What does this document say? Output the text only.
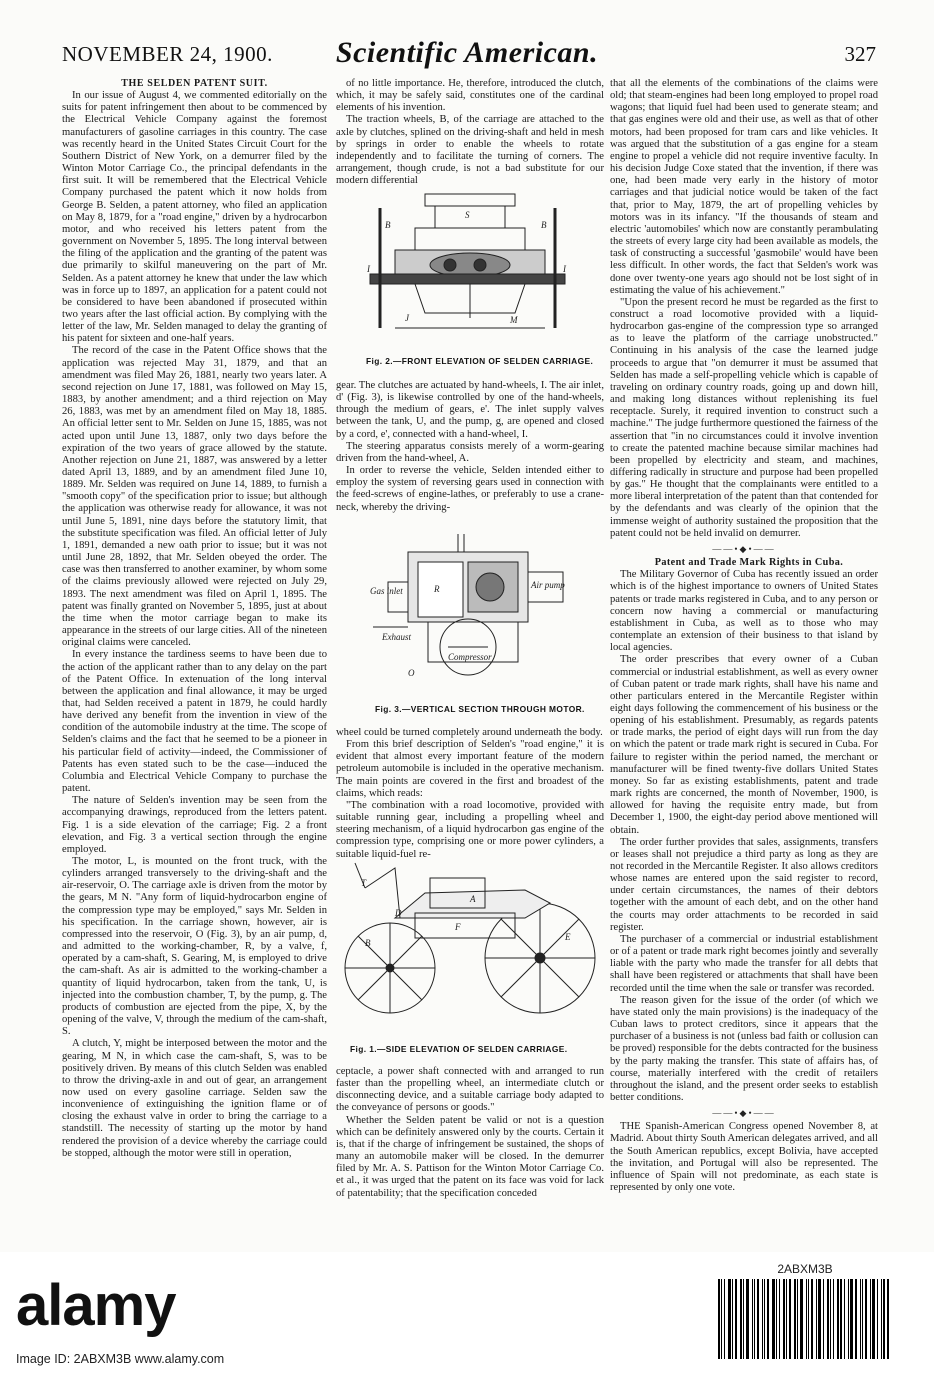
NOVEMBER 24, 1900.	Scientific American.	327

THE SELDEN PATENT SUIT.

In our issue of August 4, we commented editorially on the suits for patent infringement then about to be commenced by the Electrical Vehicle Company against the foremost manufacturers of gasoline carriages in this country. The case was recently heard in the United States Circuit Court for the Southern District of New York, on a demurrer filed by the Winton Motor Carriage Co., the principal defendants in the first suit. It will be remembered that the Electrical Vehicle Company purchased the patent which it now holds from George B. Selden, a patent attorney, who filed an application on May 8, 1879, for a "road engine," driven by a hydrocarbon motor, and who received his letters patent from the government on November 5, 1895. The long interval between the filing of the application and the granting of the patent was due primarily to skilful maneuvering on the part of Mr. Selden. As a patent attorney he knew that under the law which was in force up to 1897, an application for a patent could not be considered to have been abandoned if prosecuted within two years after the last official action. By complying with the letter of the law, Mr. Selden managed to delay the granting of his patent for sixteen and one-half years.

The record of the case in the Patent Office shows that the application was rejected May 31, 1879, and that an amendment was filed May 26, 1881, nearly two years later. A second rejection on June 17, 1881, was followed on May 15, 1883, by another amendment; and a third rejection on May 26, 1883, was met by an amendment filed on May 18, 1885. An official letter sent to Mr. Selden on June 15, 1885, was not acted upon until June 13, 1887, only two days before the expiration of the two years of grace allowed by the statute. Another rejection on June 21, 1887, was answered by a letter dated April 13, 1889, and by an amendment filed June 10, 1889. Mr. Selden was required on June 14, 1889, to furnish a "smooth copy" of the specification prior to issue; but although the application was otherwise ready for allowance, it was not until June 5, 1891, nine days before the statutory limit, that the substitute specification was filed. An official letter of July 1, 1891, demanded a new oath prior to issue; but it was not until June 28, 1892, that Mr. Selden obeyed the order. The case was then transferred to another examiner, by whom some of the claims previously allowed were rejected on July 29, 1893. The next amendment was filed on April 1, 1895. The patent was finally granted on November 5, 1895, just at about the time when the motor carriage began to make its appearance in the streets of our large cities. All of the nineteen original claims were canceled.

In every instance the tardiness seems to have been due to the action of the applicant rather than to any delay on the part of the Patent Office. In extenuation of the long interval between the application and final allowance, it may be urged that, had Selden received a patent in 1879, he could hardly have derived any benefit from the invention in view of the condition of the automobile industry at the time. The scope of Selden's claims and the fact that he seemed to be a pioneer in his particular field of activity—indeed, the Commissioner of Patents has even stated such to be the case—induced the Columbia and Electrical Vehicle Company to purchase the patent.

The nature of Selden's invention may be seen from the accompanying drawings, reproduced from the letters patent. Fig. 1 is a side elevation of the carriage; Fig. 2 a front elevation, and Fig. 3 a vertical section through the engine employed.

The motor, L, is mounted on the front truck, with the cylinders arranged transversely to the driving-shaft and the air-reservoir, O. The carriage axle is driven from the motor by the gears, M N. "Any form of liquid-hydrocarbon engine of the compression type may be employed," says Mr. Selden in his specification. In the carriage shown, however, air is compressed into the reservoir, O (Fig. 3), by an air pump, d, and admitted to the working-chamber, R, by a valve, f, operated by a cam-shaft, S. Gearing, M, is employed to drive the cam-shaft. As air is admitted to the working-chamber a quantity of liquid hydrocarbon, taken from the tank, U, is injected into the combustion chamber, T, by the pump, g. The products of combustion are ejected from the pipe, X, by the opening of the valve, V, through the medium of the cam-shaft, S.

A clutch, Y, might be interposed between the motor and the gearing, M N, in which case the cam-shaft, S, was to be positively driven. By means of this clutch Selden was enabled to throw the driving-axle in and out of gear, an arrangement now used on every gasoline carriage. Selden saw the inconvenience of extinguishing the ignition flame or of closing the exhaust valve in order to bring the carriage to a standstill. The necessity of starting up the motor by hand rendered the provision of a device whereby the carriage could be stopped, although the motor were still in operation,

of no little importance. He, therefore, introduced the clutch, which, it may be safely said, constitutes one of the cardinal elements of his invention.

The traction wheels, B, of the carriage are attached to the axle by clutches, splined on the driving-shaft and held in mesh by springs in order to enable the wheels to rotate independently and to facilitate the turning of corners. The arrangement, though crude, is not a bad substitute for our modern differential

B	B
S
I	I
J	M
Fig. 2.—FRONT ELEVATION OF SELDEN CARRIAGE.

gear. The clutches are actuated by hand-wheels, I. The air inlet, d' (Fig. 3), is likewise controlled by one of the hand-wheels, through the medium of gears, e'. The inlet supply valves between the tank, U, and the pump, g, are opened and closed by a cord, e', connected with a hand-wheel, I.

The steering apparatus consists merely of a worm-gearing driven from the hand-wheel, A.

In order to reverse the vehicle, Selden intended either to employ the system of reversing gears used in connection with the feed-screws of engine-lathes, or preferably to use a crane-neck, whereby the driving-

R	Air pump
Gas inlet
Compressor
Exhaust
O
Fig. 3.—VERTICAL SECTION THROUGH MOTOR.

wheel could be turned completely around underneath the body.

From this brief description of Selden's "road engine," it is evident that almost every important feature of the modern petroleum automobile is included in the operative mechanism. The main points are covered in the first and broadest of the claims, which reads:

"The combination with a road locomotive, provided with suitable running gear, including a propelling wheel and steering mechanism, of a liquid hydrocarbon gas engine of the compression type, comprising one or more power cylinders, a suitable liquid-fuel re-

A
D
F
E
B
T
Fig. 1.—SIDE ELEVATION OF SELDEN CARRIAGE.

ceptacle, a power shaft connected with and arranged to run faster than the propelling wheel, an intermediate clutch or disconnecting device, and a suitable carriage body adapted to the conveyance of persons or goods."

Whether the Selden patent be valid or not is a question which can be definitely answered only by the courts. Certain it is, that if the charge of infringement be sustained, the shops of many an automobile maker will be closed. In the demurrer filed by Mr. A. S. Pattison for the Winton Motor Carriage Co. et al., it was urged that the patent on its face was void for lack of patentability; that the specification conceded

that all the elements of the combinations of the claims were old; that steam-engines had been long employed to propel road wagons; that liquid fuel had been used to generate steam; and that gas engines were old and their use, as well as that of other motors, had been proposed for tram cars and like vehicles. It was argued that the substitution of a gas engine for a steam engine to propel a vehicle did not require inventive faculty. In his decision Judge Coxe stated that the invention, if there was one, had been made very early in the history of motor carriages and that judicial notice would be taken of the fact that, prior to May, 1879, the art of propelling vehicles by motors was in its infancy. "If the thousands of steam and electric 'automobiles' which now are constantly perambulating the streets of every large city had been available as models, the task of constructing a successful 'gasmobile' would have been less difficult. In other words, the fact that Selden's work was done over twenty-one years ago should not be lost sight of in estimating the value of his achievement."

"Upon the present record he must be regarded as the first to construct a road locomotive provided with a liquid-hydrocarbon gas-engine of the compression type so arranged as to leave the platform of the carriage unobstructed." Continuing in his analysis of the case the learned judge proceeds to argue that "on demurrer it must be assumed that Selden has made a self-propelling vehicle which is capable of traveling on ordinary country roads, going up and down hill, and making long distances without replenishing its fuel receptacle. Surely, it required invention to construct such a machine." The judge furthermore questioned the fairness of the assertion that "in no circumstances could it involve invention to create the patented machine because similar machines had been propelled by electricity and steam, and machines, differing radically in structure and purpose had been propelled by gas." He thought that the complainants were entitled to a more liberal interpretation of the patent than that contended for by the defendants and was clearly of the opinion that the immense weight of authority sustained the proposition that the patent could not be held invalid on demurrer.

——•◆•——

Patent and Trade Mark Rights in Cuba.

The Military Governor of Cuba has recently issued an order which is of the highest importance to owners of United States patents or trade marks registered in Cuba, and to any person or concern now having a commercial or manufacturing establishment in Cuba, as well as to those who may contemplate an extension of their business to that island by local agencies.

The order prescribes that every owner of a Cuban commercial or industrial establishment, as well as every owner of Cuban patent or trade mark rights, shall have his name and other particulars entered in the Mercantile Register within eight days following the commencement of his business or the opening of his establishment. Presumably, as regards patents or trade marks, the period of eight days will run from the day on which the patent or trade mark right is secured in Cuba. For failure to register within the period named, the merchant or manufacturer will be fined twenty-five dollars United States money. So far as existing establishments, patent and trade mark rights are concerned, the month of November, 1900, is allowed for having the requisite entry made, but from December 1, 1900, the eight-day period above mentioned will obtain.

The order further provides that sales, assignments, transfers or leases shall not prejudice a third party as long as they are not recorded in the Mercantile Register. It also allows creditors whose names are entered upon the said register to record, under certain circumstances, the names of their debtors together with the amount of each debt, and on the other hand the courts may order attachments to be recorded in said register.

The purchaser of a commercial or industrial establishment or of a patent or trade mark right becomes jointly and severally liable with the party who made the transfer for all debts that shall have been registered or attachments that shall have been recorded until the time when the sale or transfer was recorded.

The reason given for the issue of the order (of which we have stated only the main provisions) is the inadequacy of the Cuban laws to protect creditors, since it appears that the purchaser of a business is not (unless bad faith or collusion can be proved) responsible for the debts contracted for the business by the party making the transfer. This state of affairs has, of course, materially interfered with the credit of retailers throughout the island, and the present order seeks to establish better conditions.

——•◆•——

THE Spanish-American Congress opened November 8, at Madrid. About thirty South American delegates arrived, and all the South American republics, except Bolivia, have accepted the invitation, and Portugal will also be represented. The influence of Spain will not predominate, as each state is represented by only one vote.

alamy
Image ID: 2ABXM3B www.alamy.com
2ABXM3B
